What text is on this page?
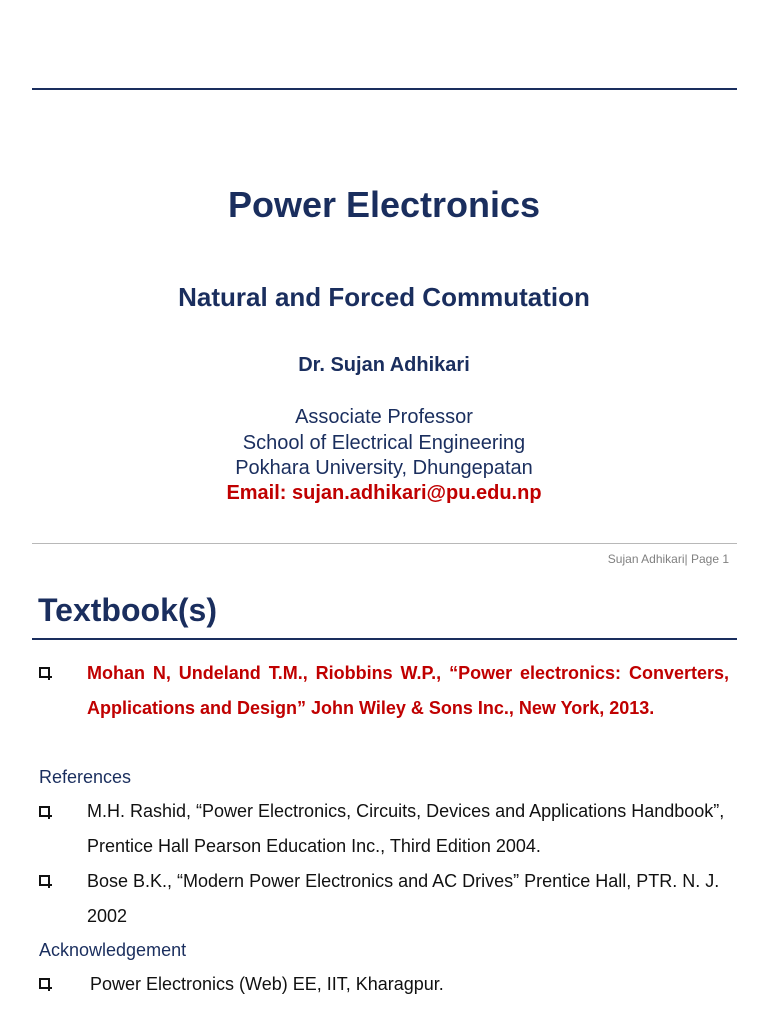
Power Electronics
Natural and Forced Commutation
Dr. Sujan Adhikari
Associate Professor
School of Electrical Engineering
Pokhara University, Dhungepatan
Email: sujan.adhikari@pu.edu.np
Sujan Adhikari| Page 1
Textbook(s)
Mohan N, Undeland T.M., Riobbins W.P., “Power electronics: Converters, Applications and Design” John Wiley & Sons Inc., New York, 2013.
References
M.H. Rashid, “Power Electronics, Circuits, Devices and Applications Handbook”, Prentice Hall Pearson Education Inc., Third Edition 2004.
Bose B.K., “Modern Power Electronics and AC Drives” Prentice Hall, PTR. N. J. 2002
Acknowledgement
Power Electronics (Web) EE, IIT, Kharagpur.
